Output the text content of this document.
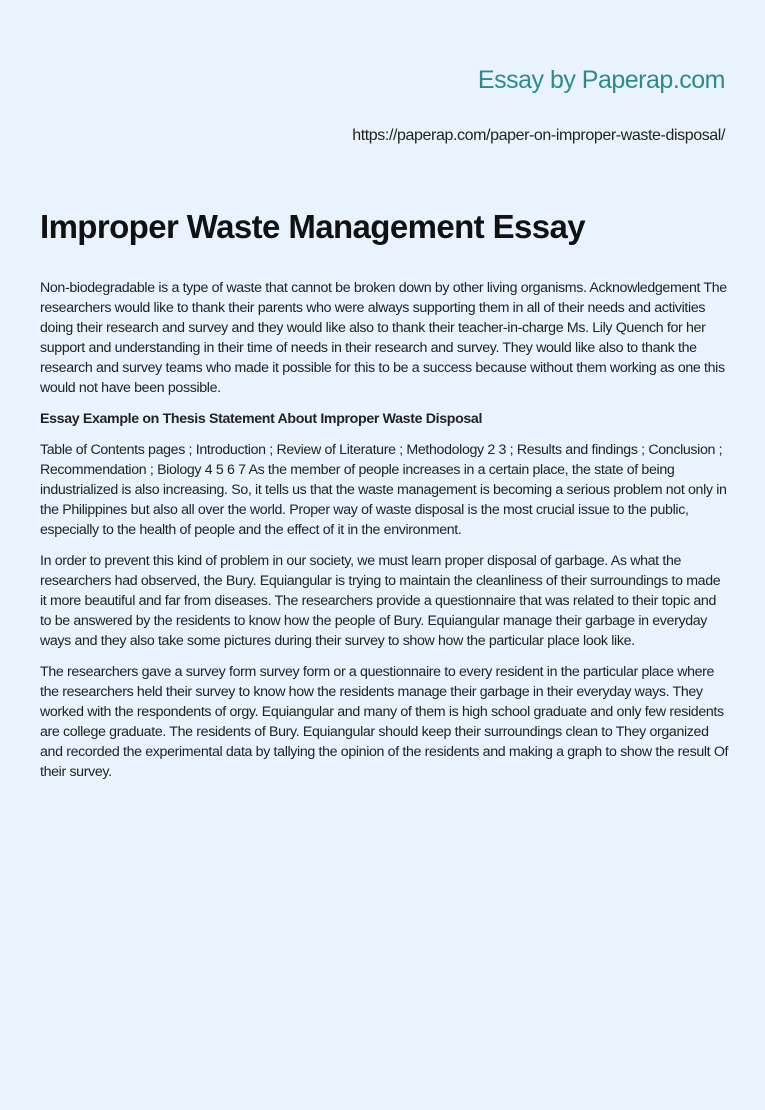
Essay by Paperap.com
https://paperap.com/paper-on-improper-waste-disposal/
Improper Waste Management Essay

Non-biodegradable is a type of waste that cannot be broken down by other living organisms. Acknowledgement The researchers would like to thank their parents who were always supporting them in all of their needs and activities doing their research and survey and they would like also to thank their teacher-in-charge Ms. Lily Quench for her support and understanding in their time of needs in their research and survey. They would like also to thank the research and survey teams who made it possible for this to be a success because without them working as one this would not have been possible.

Essay Example on Thesis Statement About Improper Waste Disposal

Table of Contents pages ; Introduction ; Review of Literature ; Methodology 2 3 ; Results and findings ; Conclusion ; Recommendation ; Biology 4 5 6 7 As the member of people increases in a certain place, the state of being industrialized is also increasing. So, it tells us that the waste management is becoming a serious problem not only in the Philippines but also all over the world. Proper way of waste disposal is the most crucial issue to the public, especially to the health of people and the effect of it in the environment.

In order to prevent this kind of problem in our society, we must learn proper disposal of garbage. As what the researchers had observed, the Bury. Equiangular is trying to maintain the cleanliness of their surroundings to made it more beautiful and far from diseases. The researchers provide a questionnaire that was related to their topic and to be answered by the residents to know how the people of Bury. Equiangular manage their garbage in everyday ways and they also take some pictures during their survey to show how the particular place look like.

The researchers gave a survey form survey form or a questionnaire to every resident in the particular place where the researchers held their survey to know how the residents manage their garbage in their everyday ways. They worked with the respondents of orgy. Equiangular and many of them is high school graduate and only few residents are college graduate. The residents of Bury. Equiangular should keep their surroundings clean to They organized and recorded the experimental data by tallying the opinion of the residents and making a graph to show the result Of their survey.
